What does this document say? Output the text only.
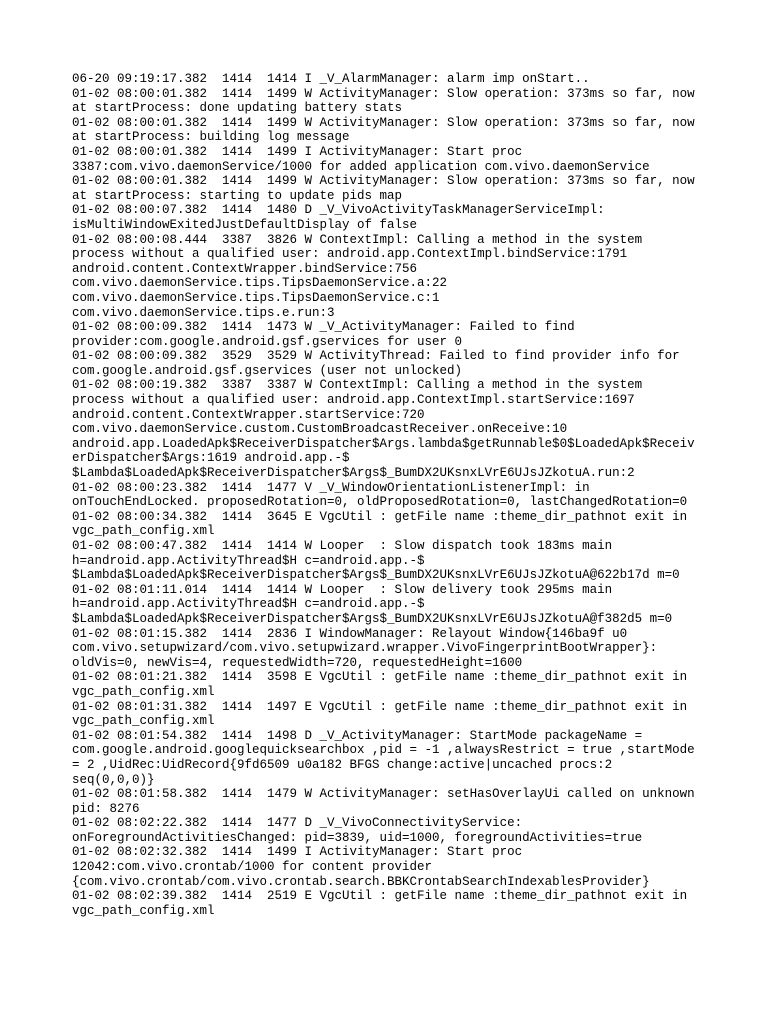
06-20 09:19:17.382  1414  1414 I _V_AlarmManager: alarm imp onStart..
01-02 08:00:01.382  1414  1499 W ActivityManager: Slow operation: 373ms so far, now
at startProcess: done updating battery stats
01-02 08:00:01.382  1414  1499 W ActivityManager: Slow operation: 373ms so far, now
at startProcess: building log message
01-02 08:00:01.382  1414  1499 I ActivityManager: Start proc
3387:com.vivo.daemonService/1000 for added application com.vivo.daemonService
01-02 08:00:01.382  1414  1499 W ActivityManager: Slow operation: 373ms so far, now
at startProcess: starting to update pids map
01-02 08:00:07.382  1414  1480 D _V_VivoActivityTaskManagerServiceImpl:
isMultiWindowExitedJustDefaultDisplay of false
01-02 08:00:08.444  3387  3826 W ContextImpl: Calling a method in the system
process without a qualified user: android.app.ContextImpl.bindService:1791
android.content.ContextWrapper.bindService:756
com.vivo.daemonService.tips.TipsDaemonService.a:22
com.vivo.daemonService.tips.TipsDaemonService.c:1
com.vivo.daemonService.tips.e.run:3
01-02 08:00:09.382  1414  1473 W _V_ActivityManager: Failed to find
provider:com.google.android.gsf.gservices for user 0
01-02 08:00:09.382  3529  3529 W ActivityThread: Failed to find provider info for
com.google.android.gsf.gservices (user not unlocked)
01-02 08:00:19.382  3387  3387 W ContextImpl: Calling a method in the system
process without a qualified user: android.app.ContextImpl.startService:1697
android.content.ContextWrapper.startService:720
com.vivo.daemonService.custom.CustomBroadcastReceiver.onReceive:10
android.app.LoadedApk$ReceiverDispatcher$Args.lambda$getRunnable$0$LoadedApk$Receiv
erDispatcher$Args:1619 android.app.-$
$Lambda$LoadedApk$ReceiverDispatcher$Args$_BumDX2UKsnxLVrE6UJsJZkotuA.run:2
01-02 08:00:23.382  1414  1477 V _V_WindowOrientationListenerImpl: in
onTouchEndLocked. proposedRotation=0, oldProposedRotation=0, lastChangedRotation=0
01-02 08:00:34.382  1414  3645 E VgcUtil : getFile name :theme_dir_pathnot exit in
vgc_path_config.xml
01-02 08:00:47.382  1414  1414 W Looper  : Slow dispatch took 183ms main
h=android.app.ActivityThread$H c=android.app.-$
$Lambda$LoadedApk$ReceiverDispatcher$Args$_BumDX2UKsnxLVrE6UJsJZkotuA@622b17d m=0
01-02 08:01:11.014  1414  1414 W Looper  : Slow delivery took 295ms main
h=android.app.ActivityThread$H c=android.app.-$
$Lambda$LoadedApk$ReceiverDispatcher$Args$_BumDX2UKsnxLVrE6UJsJZkotuA@f382d5 m=0
01-02 08:01:15.382  1414  2836 I WindowManager: Relayout Window{146ba9f u0
com.vivo.setupwizard/com.vivo.setupwizard.wrapper.VivoFingerprintBootWrapper}:
oldVis=0, newVis=4, requestedWidth=720, requestedHeight=1600
01-02 08:01:21.382  1414  3598 E VgcUtil : getFile name :theme_dir_pathnot exit in
vgc_path_config.xml
01-02 08:01:31.382  1414  1497 E VgcUtil : getFile name :theme_dir_pathnot exit in
vgc_path_config.xml
01-02 08:01:54.382  1414  1498 D _V_ActivityManager: StartMode packageName =
com.google.android.googlequicksearchbox ,pid = -1 ,alwaysRestrict = true ,startMode
= 2 ,UidRec:UidRecord{9fd6509 u0a182 BFGS change:active|uncached procs:2
seq(0,0,0)}
01-02 08:01:58.382  1414  1479 W ActivityManager: setHasOverlayUi called on unknown
pid: 8276
01-02 08:02:22.382  1414  1477 D _V_VivoConnectivityService:
onForegroundActivitiesChanged: pid=3839, uid=1000, foregroundActivities=true
01-02 08:02:32.382  1414  1499 I ActivityManager: Start proc
12042:com.vivo.crontab/1000 for content provider
{com.vivo.crontab/com.vivo.crontab.search.BBKCrontabSearchIndexablesProvider}
01-02 08:02:39.382  1414  2519 E VgcUtil : getFile name :theme_dir_pathnot exit in
vgc_path_config.xml
